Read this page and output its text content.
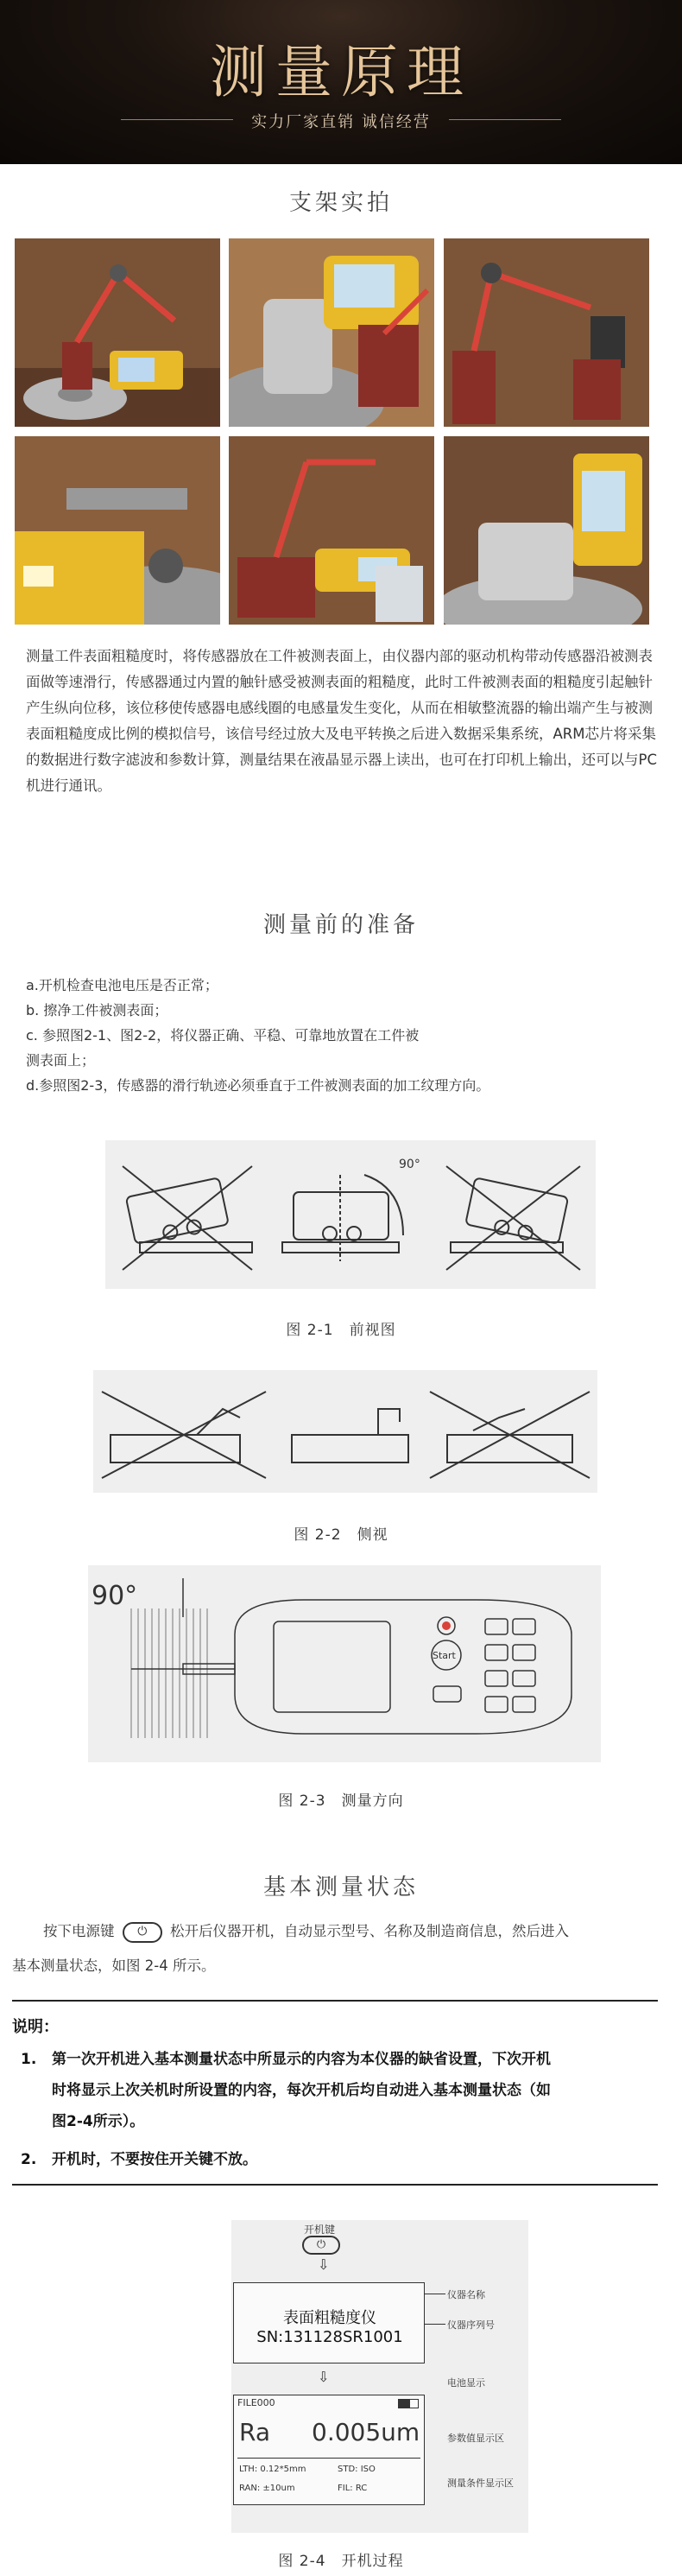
测量原理
实力厂家直销 诚信经营
支架实拍
测量工件表面粗糙度时，将传感器放在工件被测表面上，由仪器内部的驱动机构带动传感器沿被测表面做等速滑行，传感器通过内置的触针感受被测表面的粗糙度，此时工件被测表面的粗糙度引起触针产生纵向位移，该位移使传感器电感线圈的电感量发生变化，从而在相敏整流器的输出端产生与被测表面粗糙度成比例的模拟信号，该信号经过放大及电平转换之后进入数据采集系统，ARM芯片将采集的数据进行数字滤波和参数计算，测量结果在液晶显示器上读出，也可在打印机上输出，还可以与PC机进行通讯。
测量前的准备
a.开机检查电池电压是否正常；
b. 擦净工件被测表面；
c. 参照图2-1、图2-2，将仪器正确、平稳、可靠地放置在工件被
测表面上；
d.参照图2-3，传感器的滑行轨迹必须垂直于工件被测表面的加工纹理方向。
90°
图 2-1　前视图
图 2-2　侧视
90°
Start
图 2-3　测量方向
基本测量状态
按下电源键 ⏻ 松开后仪器开机，自动显示型号、名称及制造商信息，然后进入
基本测量状态，如图 2-4 所示。
说明：
1. 第一次开机进入基本测量状态中所显示的内容为本仪器的缺省设置，下次开机
时将显示上次关机时所设置的内容，每次开机后均自动进入基本测量状态（如
图2-4所示）。
2. 开机时，不要按住开关键不放。
开机键
⏻
⇩
表面粗糙度仪
SN:131128SR1001
仪器名称
仪器序列号
⇩	电池显示
FILE000
Ra 0.005um
LTH: 0.12*5mm	STD: ISO
RAN: ±10um	FIL: RC
参数值显示区
测量条件显示区
图 2-4　开机过程
